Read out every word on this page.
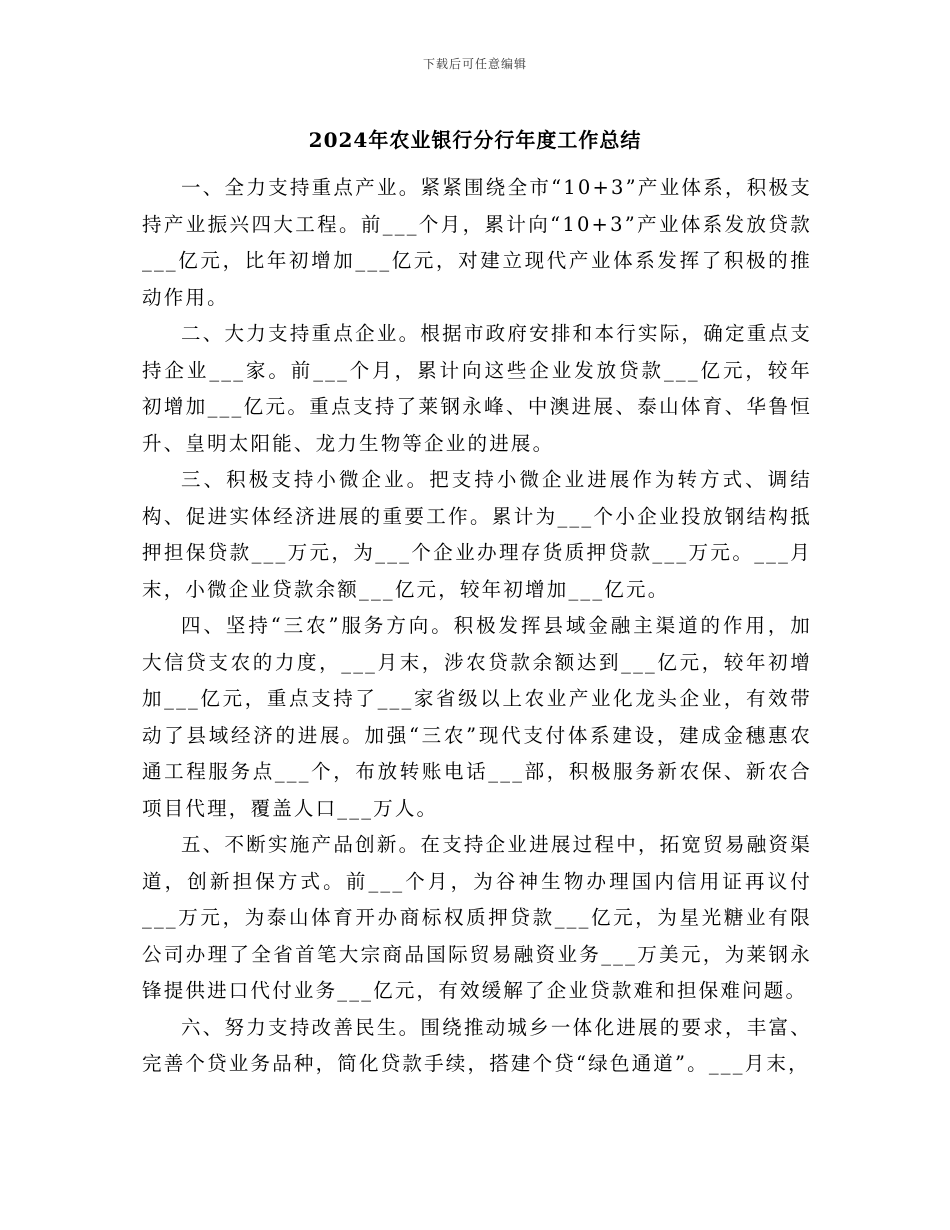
下载后可任意编辑
2024年农业银行分行年度工作总结

一、全力支持重点产业。紧紧围绕全市“10+3”产业体系，积极支持产业振兴四大工程。前___个月，累计向“10+3”产业体系发放贷款___亿元，比年初增加___亿元，对建立现代产业体系发挥了积极的推动作用。

二、大力支持重点企业。根据市政府安排和本行实际，确定重点支持企业___家。前___个月，累计向这些企业发放贷款___亿元，较年初增加___亿元。重点支持了莱钢永峰、中澳进展、泰山体育、华鲁恒升、皇明太阳能、龙力生物等企业的进展。

三、积极支持小微企业。把支持小微企业进展作为转方式、调结构、促进实体经济进展的重要工作。累计为___个小企业投放钢结构抵押担保贷款___万元，为___个企业办理存货质押贷款___万元。___月末，小微企业贷款余额___亿元，较年初增加___亿元。

四、坚持“三农”服务方向。积极发挥县域金融主渠道的作用，加大信贷支农的力度，___月末，涉农贷款余额达到___亿元，较年初增加___亿元，重点支持了___家省级以上农业产业化龙头企业，有效带动了县域经济的进展。加强“三农”现代支付体系建设，建成金穗惠农通工程服务点___个，布放转账电话___部，积极服务新农保、新农合项目代理，覆盖人口___万人。

五、不断实施产品创新。在支持企业进展过程中，拓宽贸易融资渠道，创新担保方式。前___个月，为谷神生物办理国内信用证再议付___万元，为泰山体育开办商标权质押贷款___亿元，为星光糖业有限公司办理了全省首笔大宗商品国际贸易融资业务___万美元，为莱钢永锋提供进口代付业务___亿元，有效缓解了企业贷款难和担保难问题。

六、努力支持改善民生。围绕推动城乡一体化进展的要求，丰富、完善个贷业务品种，简化贷款手续，搭建个贷“绿色通道”。___月末，
